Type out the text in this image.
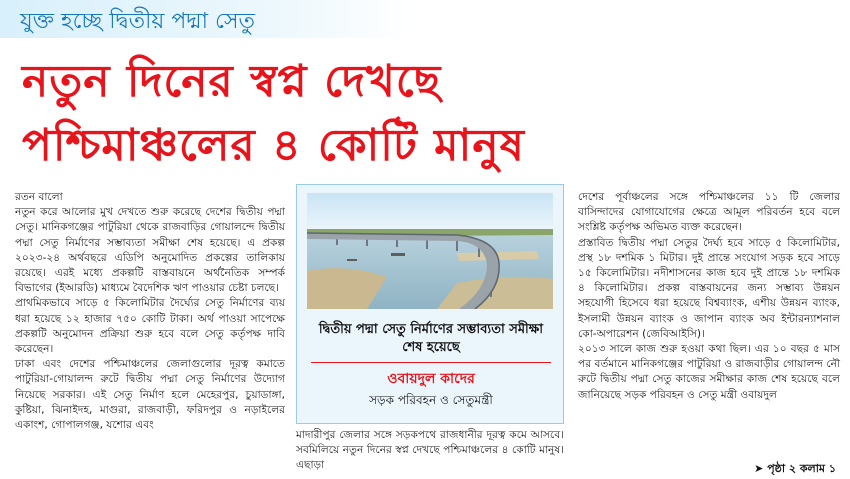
যুক্ত হচ্ছে দ্বিতীয় পদ্মা সেতু
নতুন দিনের স্বপ্ন দেখছে
পশ্চিমাঞ্চলের ৪ কোটি মানুষ

রতন বালো

নতুন করে আলোর মুখ দেখতে শুরু করেছে দেশের দ্বিতীয় পদ্মা সেতু। মানিকগঞ্জের পাটুরিয়া থেকে রাজবাড়ির গোয়ালন্দে দ্বিতীয় পদ্মা সেতু নির্মাণের সম্ভাব্যতা সমীক্ষা শেষ হয়েছে। এ প্রকল্প ২০২৩-২৪ অর্থবছরে এডিপি অনুমোদিত প্রকল্পের তালিকায় রয়েছে। এরই মধ্যে প্রকল্পটি বাস্তবায়নে অর্থনৈতিক সম্পর্ক বিভাগের (ইআরডি) মাধ্যমে বৈদেশিক ঋণ পাওয়ার চেষ্টা চলছে।

প্রাথমিকভাবে সাড়ে ৫ কিলোমিটার দৈর্ঘ্যের সেতু নির্মাণের ব্যয় ধরা হয়েছে ১২ হাজার ৭৫০ কোটি টাকা। অর্থ পাওয়া সাপেক্ষে প্রকল্পটি অনুমোদন প্রক্রিয়া শুরু হবে বলে সেতু কর্তৃপক্ষ দাবি করেছেন।

ঢাকা এবং দেশের পশ্চিমাঞ্চলের জেলাগুলোর দূরত্ব কমাতে পাটুরিয়া-গোয়ালন্দ রুটে দ্বিতীয় পদ্মা সেতু নির্মাণের উদ্যোগ নিয়েছে সরকার। এই সেতু নির্মাণ হলে মেহেরপুর, চুয়াডাঙ্গা, কুষ্টিয়া, ঝিনাইদহ, মাগুরা, রাজবাড়ী, ফরিদপুর ও নড়াইলের একাংশ, গোপালগঞ্জ, যশোর এবং

দ্বিতীয় পদ্মা সেতু নির্মাণের সম্ভাব্যতা সমীক্ষা শেষ হয়েছে
ওবায়দুল কাদের
সড়ক পরিবহন ও সেতুমন্ত্রী

মাদারীপুর জেলার সঙ্গে সড়কপথে রাজধানীর দূরত্ব কমে আসবে। সবমিলিয়ে নতুন দিনের স্বপ্ন দেখছে পশ্চিমাঞ্চলের ৪ কোটি মানুষ। এছাড়া

দেশের পূর্বাঞ্চলের সঙ্গে পশ্চিমাঞ্চলের ১১ টি জেলার বাসিন্দাদের যোগাযোগের ক্ষেত্রে আমূল পরিবর্তন হবে বলে সংশ্লিষ্ট কর্তৃপক্ষ অভিমত ব্যক্ত করেছেন।

প্রস্তাবিত দ্বিতীয় পদ্মা সেতুর দৈর্ঘ্য হবে সাড়ে ৫ কিলোমিটার, প্রস্থ ১৮ দশমিক ১ মিটার। দুই প্রান্তে সংযোগ সড়ক হবে সাড়ে ১৫ কিলোমিটার। নদীশাসনের কাজ হবে দুই প্রান্তে ১৮ দশমিক ৪ কিলোমিটার। প্রকল্প বাস্তবায়নের জন্য সম্ভাব্য উন্নয়ন সহযোগী হিসেবে ধরা হয়েছে বিশ্বব্যাংক, এশীয় উন্নয়ন ব্যাংক, ইসলামী উন্নয়ন ব্যাংক ও জাপান ব্যাংক অব ইন্টারন্যাশনাল কো-অপারেশন (জেবিআইসি)।

২০১৩ সালে কাজ শুরু হওয়া কথা ছিল। এর ১০ বছর ৫ মাস পর বর্তমানে মানিকগঞ্জের পাটুরিয়া ও রাজবাড়ীর গোয়ালন্দ নৌ রুটে দ্বিতীয় পদ্মা সেতু কাজের সমীক্ষার কাজ শেষ হয়েছে বলে জানিয়েছে সড়ক পরিবহন ও সেতু মন্ত্রী ওবায়দুল

➤ পৃষ্ঠা ২ কলাম ১
